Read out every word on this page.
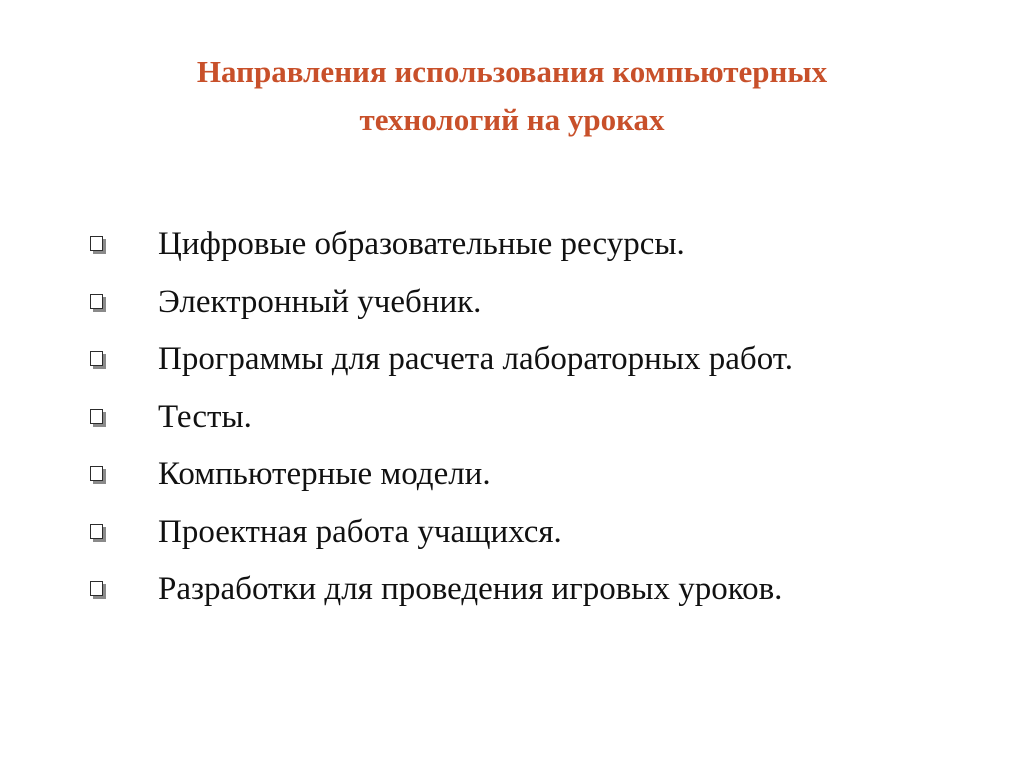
Направления использования компьютерных
технологий на уроках
Цифровые образовательные ресурсы.
Электронный учебник.
Программы для расчета лабораторных работ.
Тесты.
Компьютерные модели.
Проектная работа учащихся.
Разработки для проведения игровых уроков.
